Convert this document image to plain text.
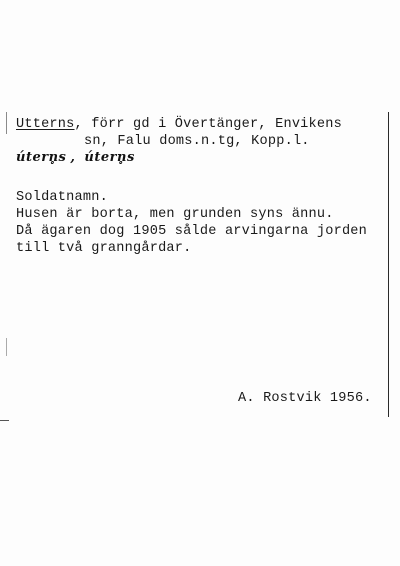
Utterns, förr gd i Övertänger, Envikens
sn, Falu doms.n.tg, Kopp.l.
útern̥s , útern̥s
Soldatnamn.
Husen är borta, men grunden syns ännu.
Då ägaren dog 1905 sålde arvingarna jorden
till två granngårdar.
A. Rostvik 1956.
